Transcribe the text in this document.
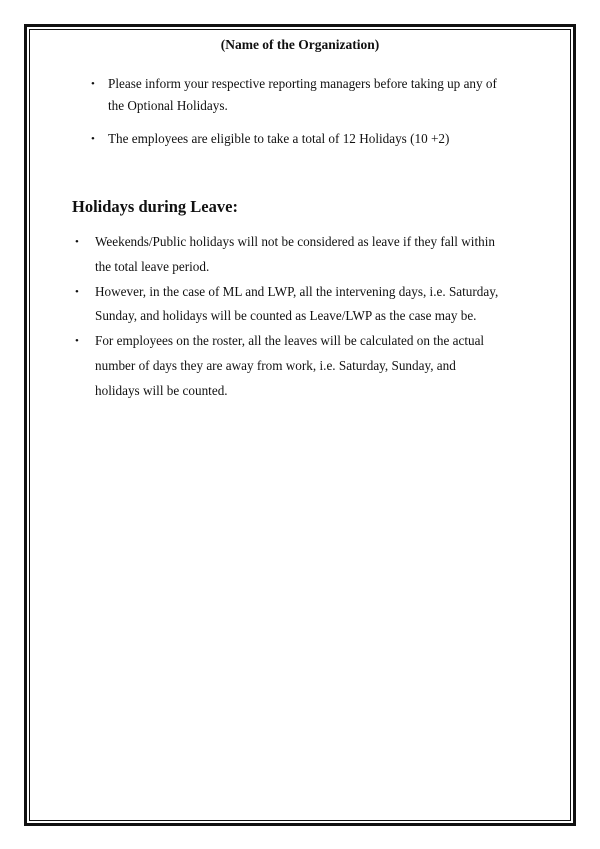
(Name of the Organization)
• Please inform your respective reporting managers before taking up any of
the Optional Holidays.
• The employees are eligible to take a total of 12 Holidays (10 +2)
Holidays during Leave:
• Weekends/Public holidays will not be considered as leave if they fall within
the total leave period.
• However, in the case of ML and LWP, all the intervening days, i.e. Saturday,
Sunday, and holidays will be counted as Leave/LWP as the case may be.
• For employees on the roster, all the leaves will be calculated on the actual
number of days they are away from work, i.e. Saturday, Sunday, and
holidays will be counted.
